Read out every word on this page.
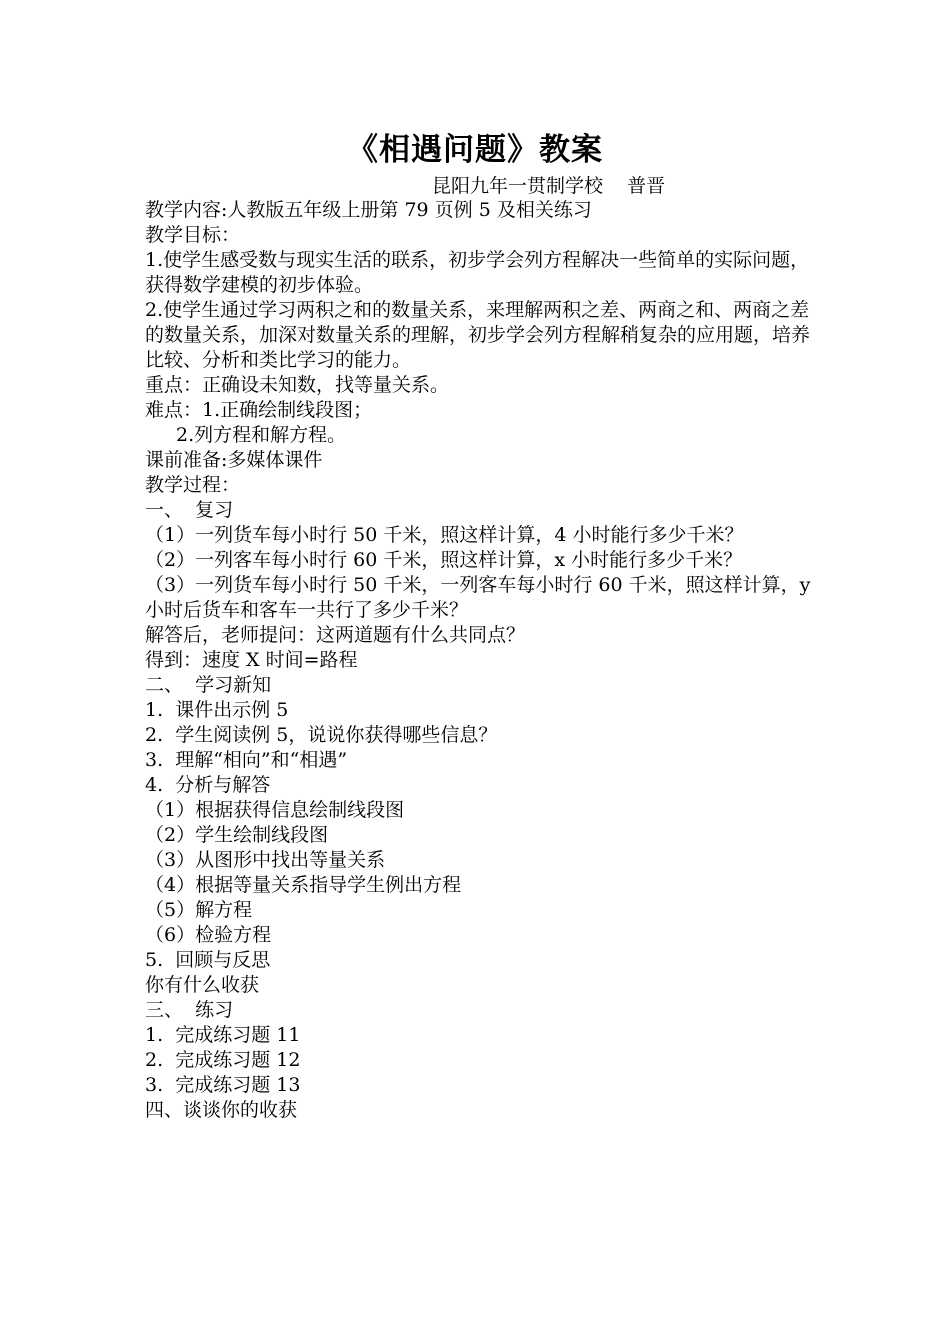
《相遇问题》教案
昆阳九年一贯制学校    普晋

教学内容:人教版五年级上册第 79 页例 5 及相关练习

教学目标：

1.使学生感受数与现实生活的联系，初步学会列方程解决一些简单的实际问题，获得数学建模的初步体验。

2.使学生通过学习两积之和的数量关系，来理解两积之差、两商之和、两商之差的数量关系，加深对数量关系的理解，初步学会列方程解稍复杂的应用题，培养比较、分析和类比学习的能力。

重点：正确设未知数，找等量关系。

难点：1.正确绘制线段图；

2.列方程和解方程。

课前准备:多媒体课件

教学过程：

一、  复习

（1）一列货车每小时行 50 千米，照这样计算，4 小时能行多少千米？

（2）一列客车每小时行 60 千米，照这样计算，x 小时能行多少千米？

（3）一列货车每小时行 50 千米，一列客车每小时行 60 千米，照这样计算，y 小时后货车和客车一共行了多少千米？

解答后，老师提问：这两道题有什么共同点？

得到：速度 X 时间=路程

二、  学习新知

1.  课件出示例 5

2.  学生阅读例 5，说说你获得哪些信息？

3.  理解“相向”和“相遇”

4.  分析与解答

（1）根据获得信息绘制线段图

（2）学生绘制线段图

（3）从图形中找出等量关系

（4）根据等量关系指导学生例出方程

（5）解方程

（6）检验方程

5.  回顾与反思

你有什么收获

三、  练习

1.  完成练习题 11

2.  完成练习题 12

3.  完成练习题 13

四、谈谈你的收获
